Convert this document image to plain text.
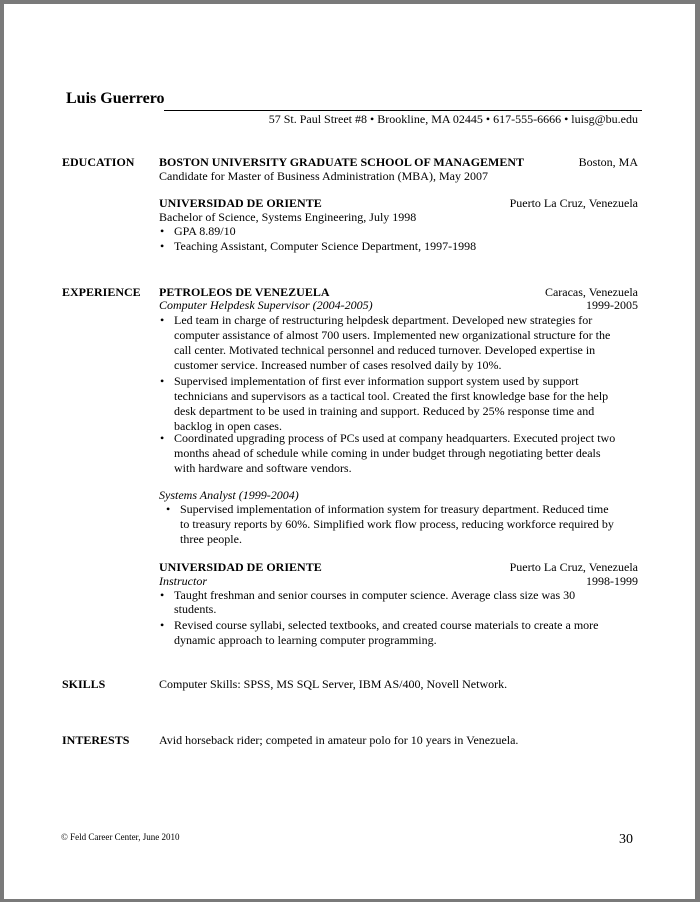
Luis Guerrero
57 St. Paul Street #8 • Brookline, MA 02445 • 617-555-6666 • luisg@bu.edu
EDUCATION BOSTON UNIVERSITY GRADUATE SCHOOL OF MANAGEMENT	Boston, MA
Candidate for Master of Business Administration (MBA), May 2007
UNIVERSIDAD DE ORIENTE	Puerto La Cruz, Venezuela
Bachelor of Science, Systems Engineering, July 1998
• GPA 8.89/10
• Teaching Assistant, Computer Science Department, 1997-1998
EXPERIENCE PETROLEOS DE VENEZUELA	Caracas, Venezuela
Computer Helpdesk Supervisor (2004-2005)	1999-2005
• Led team in charge of restructuring helpdesk department. Developed new strategies for
computer assistance of almost 700 users. Implemented new organizational structure for the
call center. Motivated technical personnel and reduced turnover. Developed expertise in
customer service. Increased number of cases resolved daily by 10%.
• Supervised implementation of first ever information support system used by support
technicians and supervisors as a tactical tool. Created the first knowledge base for the help
desk department to be used in training and support. Reduced by 25% response time and
backlog in open cases.
• Coordinated upgrading process of PCs used at company headquarters. Executed project two
months ahead of schedule while coming in under budget through negotiating better deals
with hardware and software vendors.
Systems Analyst (1999-2004)
• Supervised implementation of information system for treasury department. Reduced time
to treasury reports by 60%. Simplified work flow process, reducing workforce required by
three people.
UNIVERSIDAD DE ORIENTE	Puerto La Cruz, Venezuela
Instructor	1998-1999
• Taught freshman and senior courses in computer science. Average class size was 30
students.
• Revised course syllabi, selected textbooks, and created course materials to create a more
dynamic approach to learning computer programming.
SKILLS	Computer Skills: SPSS, MS SQL Server, IBM AS/400, Novell Network.
INTERESTS Avid horseback rider; competed in amateur polo for 10 years in Venezuela.
© Feld Career Center, June 2010	30
